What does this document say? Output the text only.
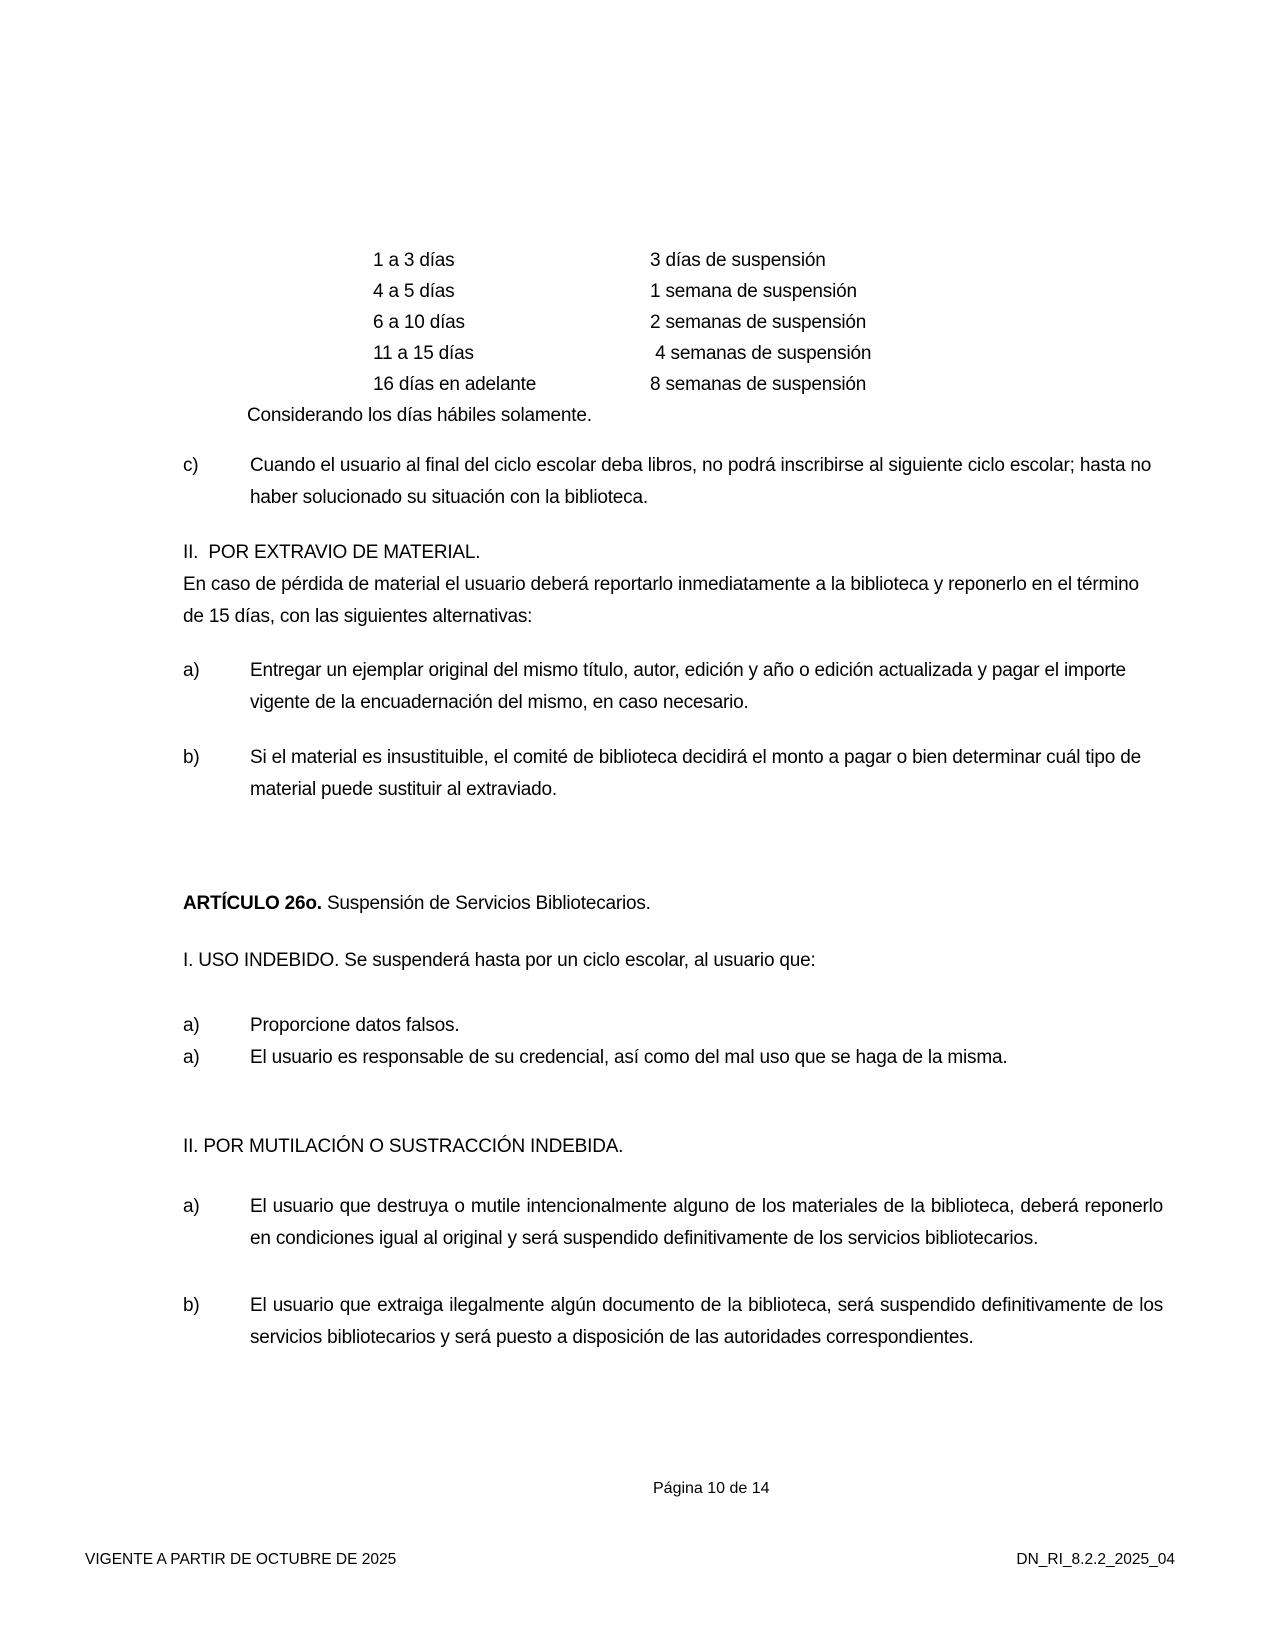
1 a 3 días	3 días de suspensión
4 a 5 días	1 semana de suspensión
6 a 10 días	2 semanas de suspensión
11 a 15 días	4 semanas de suspensión
16 días en adelante	8 semanas de suspensión
Considerando los días hábiles solamente.
c)	Cuando el usuario al final del ciclo escolar deba libros, no podrá inscribirse al siguiente ciclo escolar; hasta no haber solucionado su situación con la biblioteca.
II.  POR EXTRAVIO DE MATERIAL.
En caso de pérdida de material el usuario deberá reportarlo inmediatamente a la biblioteca y reponerlo en el término de 15 días, con las siguientes alternativas:
a)	Entregar un ejemplar original del mismo título, autor, edición y año o edición actualizada y pagar el importe vigente de la encuadernación del mismo, en caso necesario.
b)	Si el material es insustituible, el comité de biblioteca decidirá el monto a pagar o bien determinar cuál tipo de material puede sustituir al extraviado.
ARTÍCULO 26o. Suspensión de Servicios Bibliotecarios.
I. USO INDEBIDO. Se suspenderá hasta por un ciclo escolar, al usuario que:
a)	Proporcione datos falsos.
a)	El usuario es responsable de su credencial, así como del mal uso que se haga de la misma.
II. POR MUTILACIÓN O SUSTRACCIÓN INDEBIDA.
a)	El usuario que destruya o mutile intencionalmente alguno de los materiales de la biblioteca, deberá reponerlo en condiciones igual al original y será suspendido definitivamente de los servicios bibliotecarios.
b)	El usuario que extraiga ilegalmente algún documento de la biblioteca, será suspendido definitivamente de los servicios bibliotecarios y será puesto a disposición de las autoridades correspondientes.
Página 10 de 14
VIGENTE A PARTIR DE OCTUBRE DE 2025	DN_RI_8.2.2_2025_04
